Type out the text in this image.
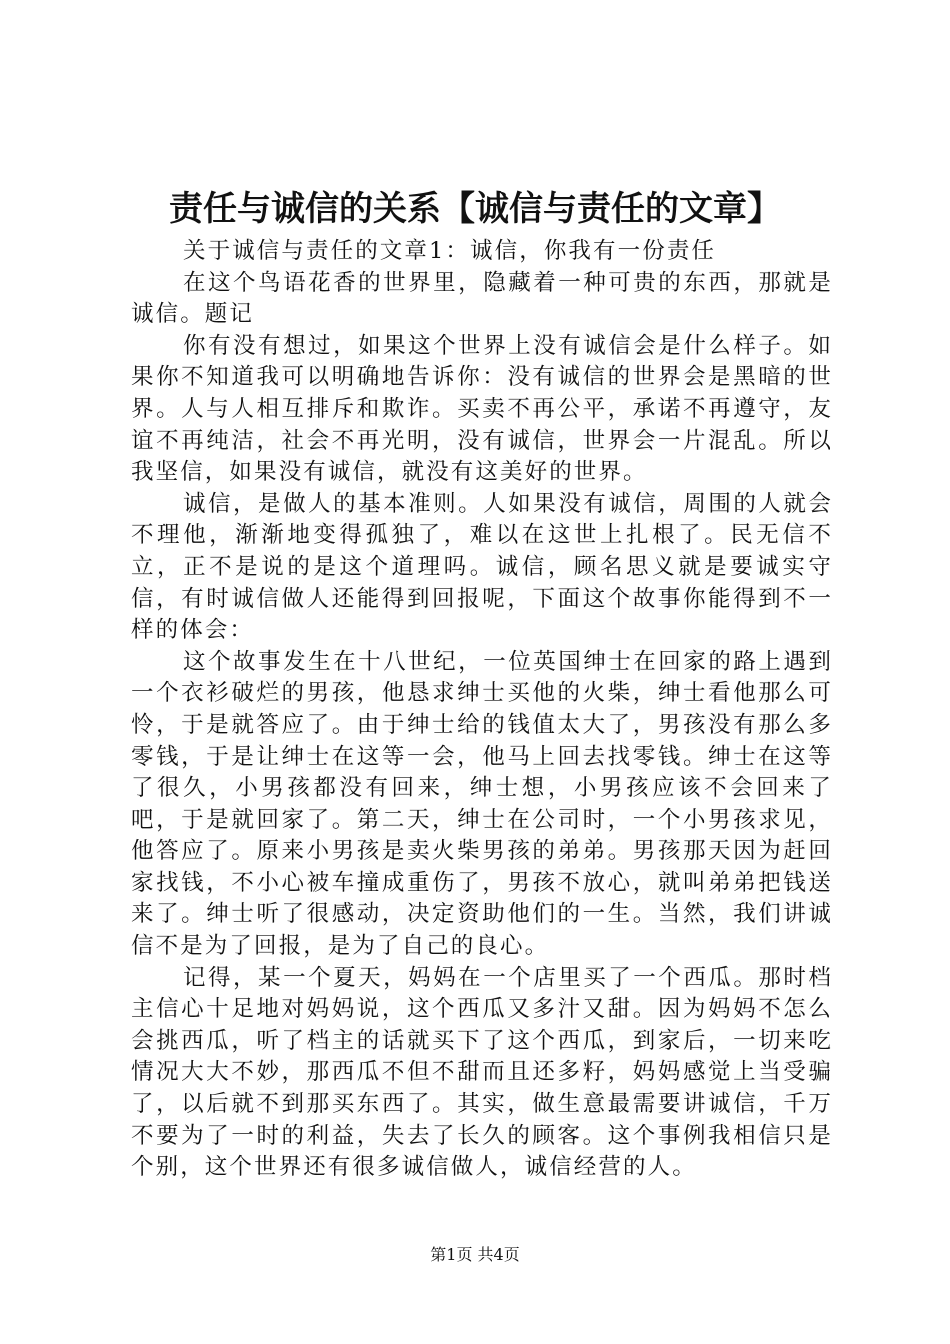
责任与诚信的关系【诚信与责任的文章】

关于诚信与责任的文章1：诚信，你我有一份责任

在这个鸟语花香的世界里，隐藏着一种可贵的东西，那就是诚信。题记

你有没有想过，如果这个世界上没有诚信会是什么样子。如果你不知道我可以明确地告诉你：没有诚信的世界会是黑暗的世界。人与人相互排斥和欺诈。买卖不再公平，承诺不再遵守，友谊不再纯洁，社会不再光明，没有诚信，世界会一片混乱。所以我坚信，如果没有诚信，就没有这美好的世界。

诚信，是做人的基本准则。人如果没有诚信，周围的人就会不理他，渐渐地变得孤独了，难以在这世上扎根了。民无信不立，正不是说的是这个道理吗。诚信，顾名思义就是要诚实守信，有时诚信做人还能得到回报呢，下面这个故事你能得到不一样的体会：

这个故事发生在十八世纪，一位英国绅士在回家的路上遇到一个衣衫破烂的男孩，他恳求绅士买他的火柴，绅士看他那么可怜，于是就答应了。由于绅士给的钱值太大了，男孩没有那么多零钱，于是让绅士在这等一会，他马上回去找零钱。绅士在这等了很久，小男孩都没有回来，绅士想，小男孩应该不会回来了吧，于是就回家了。第二天，绅士在公司时，一个小男孩求见，他答应了。原来小男孩是卖火柴男孩的弟弟。男孩那天因为赶回家找钱，不小心被车撞成重伤了，男孩不放心，就叫弟弟把钱送来了。绅士听了很感动，决定资助他们的一生。当然，我们讲诚信不是为了回报，是为了自己的良心。

记得，某一个夏天，妈妈在一个店里买了一个西瓜。那时档主信心十足地对妈妈说，这个西瓜又多汁又甜。因为妈妈不怎么会挑西瓜，听了档主的话就买下了这个西瓜，到家后，一切来吃情况大大不妙，那西瓜不但不甜而且还多籽，妈妈感觉上当受骗了，以后就不到那买东西了。其实，做生意最需要讲诚信，千万不要为了一时的利益，失去了长久的顾客。这个事例我相信只是个别，这个世界还有很多诚信做人，诚信经营的人。

第1页 共4页
